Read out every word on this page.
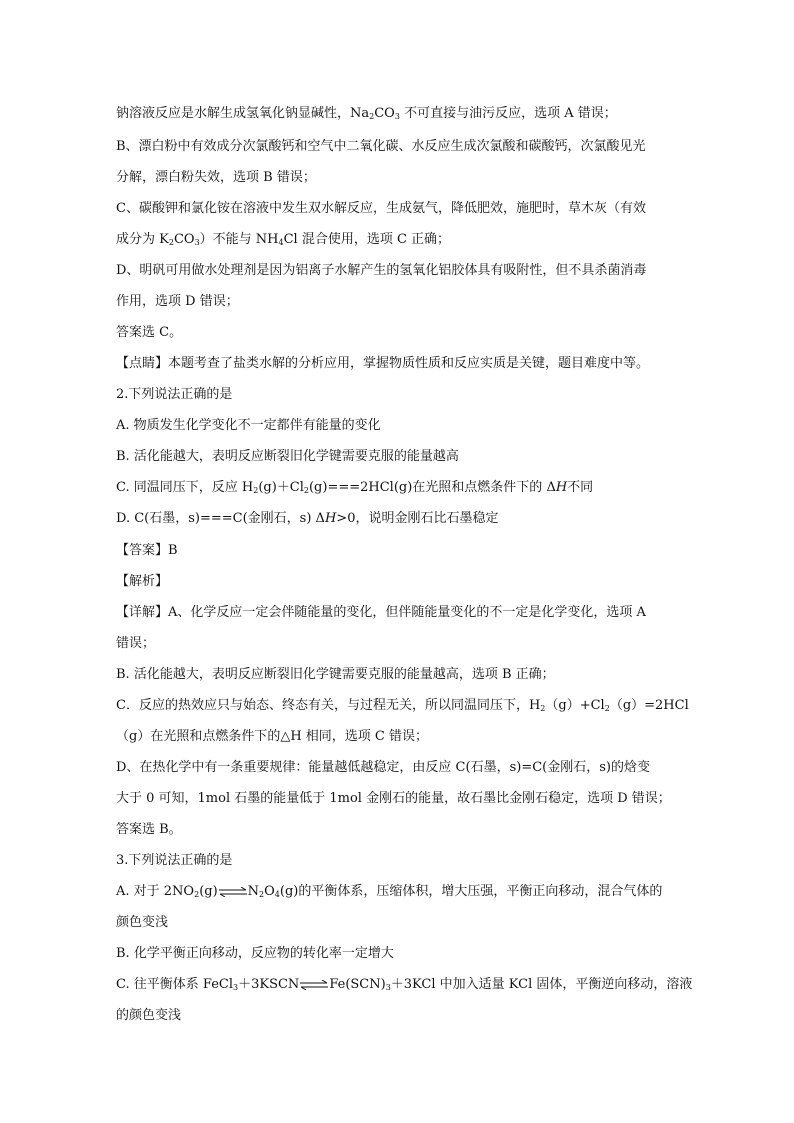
钠溶液反应是水解生成氢氧化钠显碱性，$Na_2CO_3$ 不可直接与油污反应，选项 A 错误；
B、漂白粉中有效成分次氯酸钙和空气中二氧化碳、水反应生成次氯酸和碳酸钙，次氯酸见光
分解，漂白粉失效，选项 B 错误；
C、碳酸钾和氯化铵在溶液中发生双水解反应，生成氨气，降低肥效，施肥时，草木灰（有效
成分为 $K_2CO_3$）不能与 $NH_4Cl$ 混合使用，选项 C 正确；
D、明矾可用做水处理剂是因为铝离子水解产生的氢氧化铝胶体具有吸附性，但不具杀菌消毒
作用，选项 D 错误；
答案选 C。
【点睛】本题考查了盐类水解的分析应用，掌握物质性质和反应实质是关键，题目难度中等。
2.下列说法正确的是
A. 物质发生化学变化不一定都伴有能量的变化
B. 活化能越大，表明反应断裂旧化学键需要克服的能量越高
C. 同温同压下，反应 $H_2(g)+Cl_2(g)===2HCl(g)$在光照和点燃条件下的 ΔH不同
D. C(石墨，s)===C(金刚石，s) ΔH>0，说明金刚石比石墨稳定
【答案】B
【解析】
【详解】A、化学反应一定会伴随能量的变化，但伴随能量变化的不一定是化学变化，选项 A
错误；
B. 活化能越大，表明反应断裂旧化学键需要克服的能量越高，选项 B 正确；
C．反应的热效应只与始态、终态有关，与过程无关，所以同温同压下，$H_2(g)+Cl_2(g)=2HCl$
（g）在光照和点燃条件下的△H 相同，选项 C 错误；
D、在热化学中有一条重要规律：能量越低越稳定，由反应 C(石墨，s)=C(金刚石，s)的焓变
大于 0 可知，1mol 石墨的能量低于 1mol 金刚石的能量，故石墨比金刚石稳定，选项 D 错误；
答案选 B。
3.下列说法正确的是
A. 对于 $2NO_2(g)\rightleftharpoons N_2O_4(g)$的平衡体系，压缩体积，增大压强，平衡正向移动，混合气体的
颜色变浅
B. 化学平衡正向移动，反应物的转化率一定增大
C. 往平衡体系 $FeCl_3+3KSCN\rightleftharpoons Fe(SCN)_3+3KCl$ 中加入适量 KCl 固体，平衡逆向移动，溶液
的颜色变浅
